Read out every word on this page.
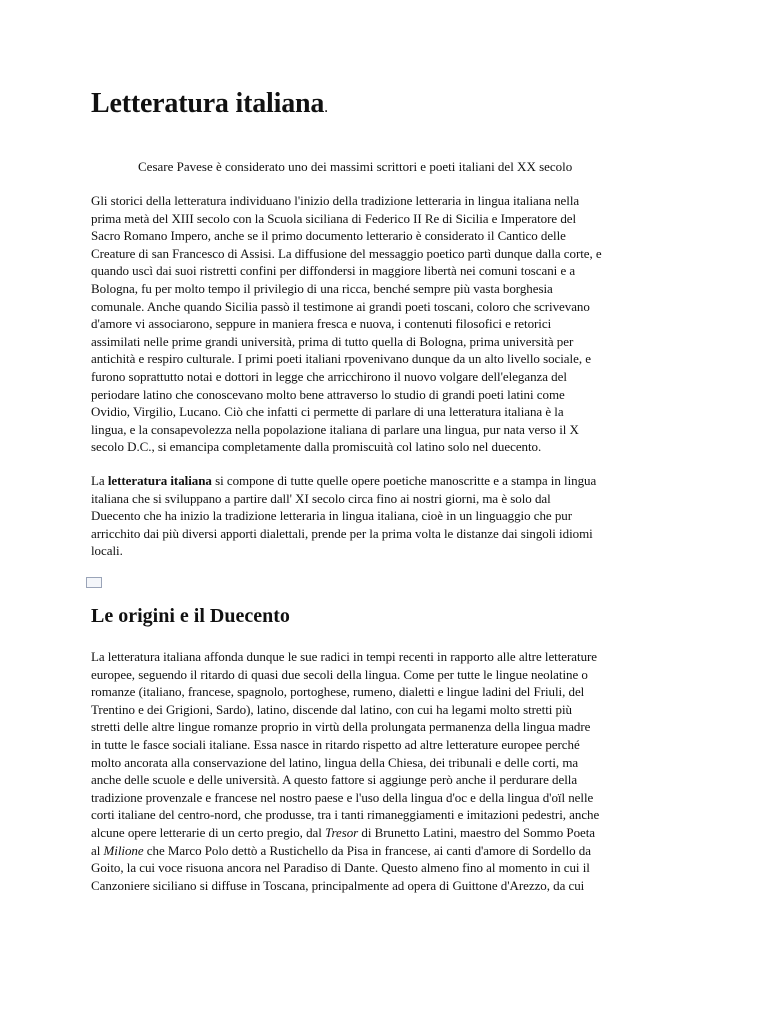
Letteratura italiana.

Cesare Pavese è considerato uno dei massimi scrittori e poeti italiani del XX secolo

Gli storici della letteratura individuano l'inizio della tradizione letteraria in lingua italiana nella
prima metà del XIII secolo con la Scuola siciliana di Federico II Re di Sicilia e Imperatore del
Sacro Romano Impero, anche se il primo documento letterario è considerato il Cantico delle
Creature di san Francesco di Assisi. La diffusione del messaggio poetico partì dunque dalla corte, e
quando uscì dai suoi ristretti confini per diffondersi in maggiore libertà nei comuni toscani e a
Bologna, fu per molto tempo il privilegio di una ricca, benché sempre più vasta borghesia
comunale. Anche quando Sicilia passò il testimone ai grandi poeti toscani, coloro che scrivevano
d'amore vi associarono, seppure in maniera fresca e nuova, i contenuti filosofici e retorici
assimilati nelle prime grandi università, prima di tutto quella di Bologna, prima università per
antichità e respiro culturale. I primi poeti italiani rpovenivano dunque da un alto livello sociale, e
furono soprattutto notai e dottori in legge che arricchirono il nuovo volgare dell'eleganza del
periodare latino che conoscevano molto bene attraverso lo studio di grandi poeti latini come
Ovidio, Virgilio, Lucano. Ciò che infatti ci permette di parlare di una letteratura italiana è la
lingua, e la consapevolezza nella popolazione italiana di parlare una lingua, pur nata verso il X
secolo D.C., si emancipa completamente dalla promiscuità col latino solo nel duecento.

La letteratura italiana si compone di tutte quelle opere poetiche manoscritte e a stampa in lingua
italiana che si sviluppano a partire dall' XI secolo circa fino ai nostri giorni, ma è solo dal
Duecento che ha inizio la tradizione letteraria in lingua italiana, cioè in un linguaggio che pur
arricchito dai più diversi apporti dialettali, prende per la prima volta le distanze dai singoli idiomi
locali.

Le origini e il Duecento

La letteratura italiana affonda dunque le sue radici in tempi recenti in rapporto alle altre letterature
europee, seguendo il ritardo di quasi due secoli della lingua. Come per tutte le lingue neolatine o
romanze (italiano, francese, spagnolo, portoghese, rumeno, dialetti e lingue ladini del Friuli, del
Trentino e dei Grigioni, Sardo), latino, discende dal latino, con cui ha legami molto stretti più
stretti delle altre lingue romanze proprio in virtù della prolungata permanenza della lingua madre
in tutte le fasce sociali italiane. Essa nasce in ritardo rispetto ad altre letterature europee perché
molto ancorata alla conservazione del latino, lingua della Chiesa, dei tribunali e delle corti, ma
anche delle scuole e delle università. A questo fattore si aggiunge però anche il perdurare della
tradizione provenzale e francese nel nostro paese e l'uso della lingua d'oc e della lingua d'oïl nelle
corti italiane del centro-nord, che produsse, tra i tanti rimaneggiamenti e imitazioni pedestri, anche
alcune opere letterarie di un certo pregio, dal Tresor di Brunetto Latini, maestro del Sommo Poeta
al Milione che Marco Polo dettò a Rustichello da Pisa in francese, ai canti d'amore di Sordello da
Goito, la cui voce risuona ancora nel Paradiso di Dante. Questo almeno fino al momento in cui il
Canzoniere siciliano si diffuse in Toscana, principalmente ad opera di Guittone d'Arezzo, da cui
